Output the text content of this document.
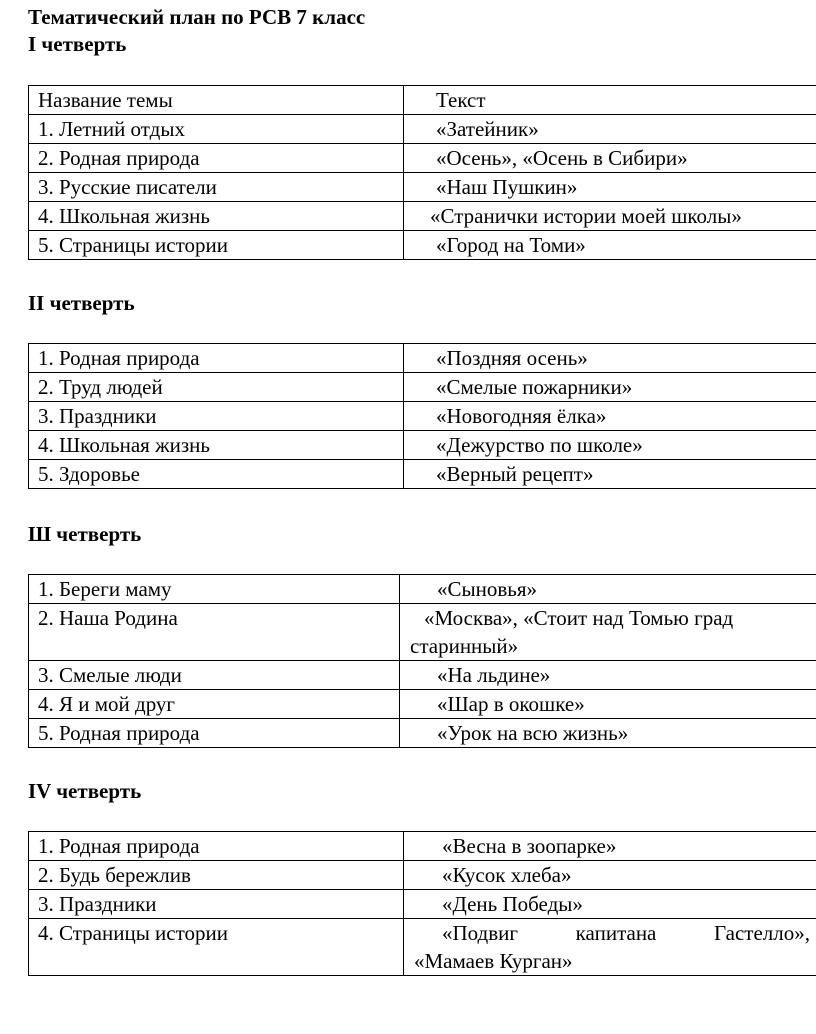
Тематический план по РСВ 7 класс
I четверть
Название темы	Текст
1. Летний отдых	«Затейник»
2. Родная природа	«Осень», «Осень в Сибири»
3. Русские писатели	«Наш Пушкин»
4. Школьная жизнь	«Странички истории моей школы»
5. Страницы истории	«Город на Томи»
II четверть
1. Родная природа	«Поздняя осень»
2. Труд людей	«Смелые пожарники»
3. Праздники	«Новогодняя ёлка»
4. Школьная жизнь	«Дежурство по школе»
5. Здоровье	«Верный рецепт»
Ш четверть
1. Береги маму	«Сыновья»
2. Наша Родина	«Москва», «Стоит над Томью град
старинный»

3. Смелые люди	«На льдине»
4. Я и мой друг	«Шар в окошке»
5. Родная природа	«Урок на всю жизнь»
IV четверть
1. Родная природа	«Весна в зоопарке»
2. Будь бережлив	«Кусок хлеба»
3. Праздники	«День Победы»
4. Страницы истории	«Подвиг капитана Гастелло»,
«Мамаев Курган»
